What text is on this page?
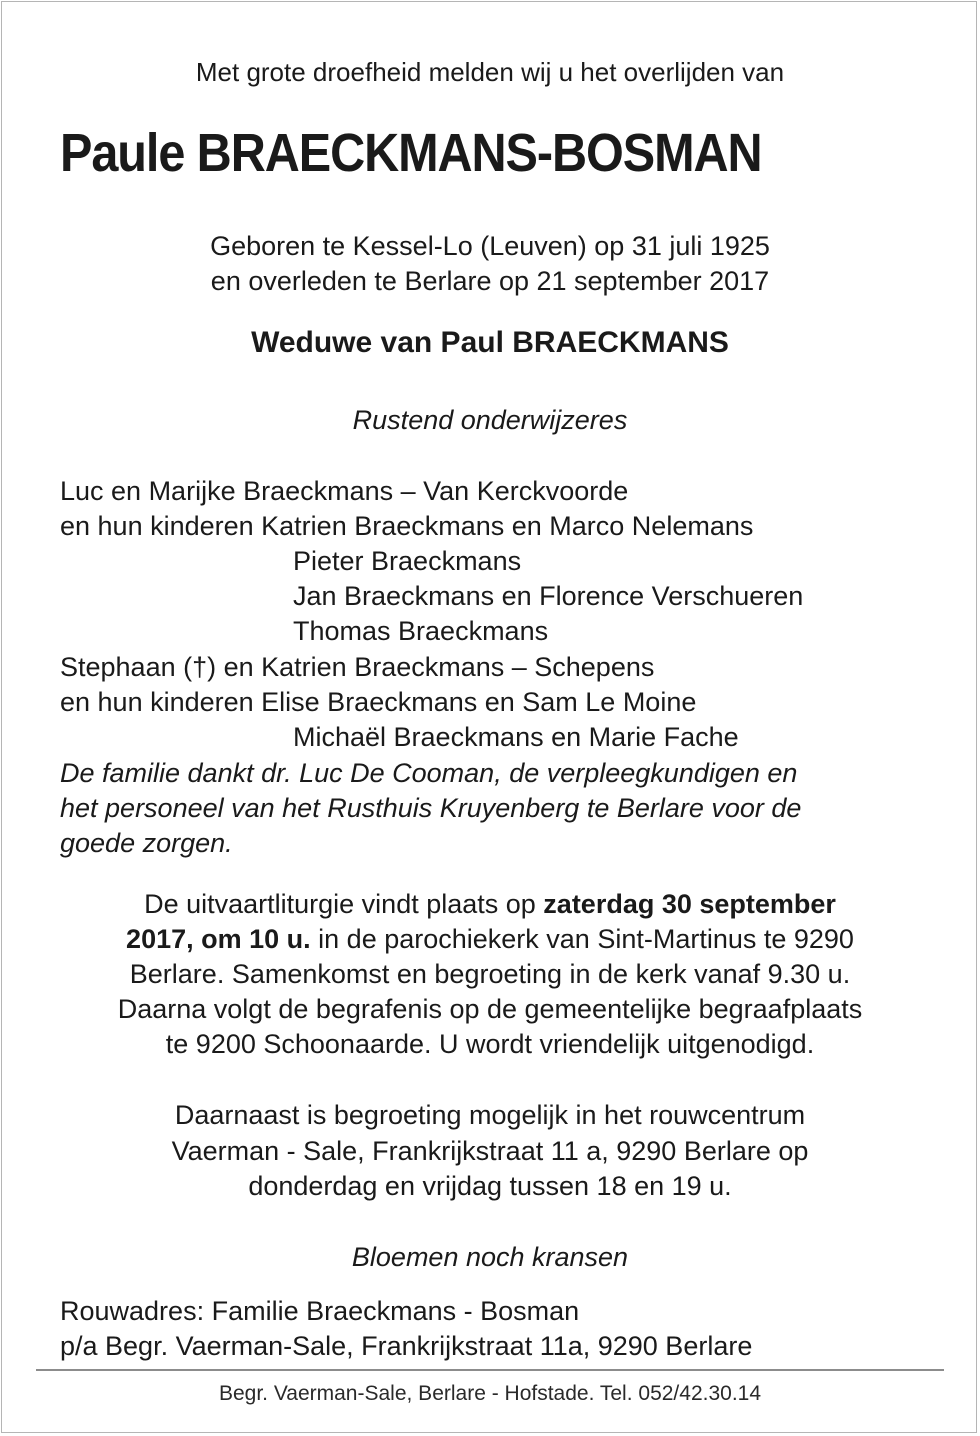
Met grote droefheid melden wij u het overlijden van
Paule BRAECKMANS-BOSMAN
Geboren te Kessel-Lo (Leuven) op 31 juli 1925
en overleden te Berlare op 21 september 2017
Weduwe van Paul BRAECKMANS
Rustend onderwijzeres
Luc en Marijke Braeckmans – Van Kerckvoorde
en hun kinderen Katrien Braeckmans en Marco Nelemans
Pieter Braeckmans
Jan Braeckmans en Florence Verschueren
Thomas Braeckmans
Stephaan (†) en Katrien Braeckmans – Schepens
en hun kinderen Elise Braeckmans en Sam Le Moine
Michaël Braeckmans en Marie Fache
De familie dankt dr. Luc De Cooman, de verpleegkundigen en
het personeel van het Rusthuis Kruyenberg te Berlare voor de
goede zorgen.
De uitvaartliturgie vindt plaats op zaterdag 30 september
2017, om 10 u. in de parochiekerk van Sint-Martinus te 9290
Berlare. Samenkomst en begroeting in de kerk vanaf 9.30 u.
Daarna volgt de begrafenis op de gemeentelijke begraafplaats
te 9200 Schoonaarde. U wordt vriendelijk uitgenodigd.
Daarnaast is begroeting mogelijk in het rouwcentrum
Vaerman - Sale, Frankrijkstraat 11 a, 9290 Berlare op
donderdag en vrijdag tussen 18 en 19 u.
Bloemen noch kransen
Rouwadres: Familie Braeckmans - Bosman
p/a Begr. Vaerman-Sale, Frankrijkstraat 11a, 9290 Berlare
Begr. Vaerman-Sale, Berlare - Hofstade. Tel. 052/42.30.14
